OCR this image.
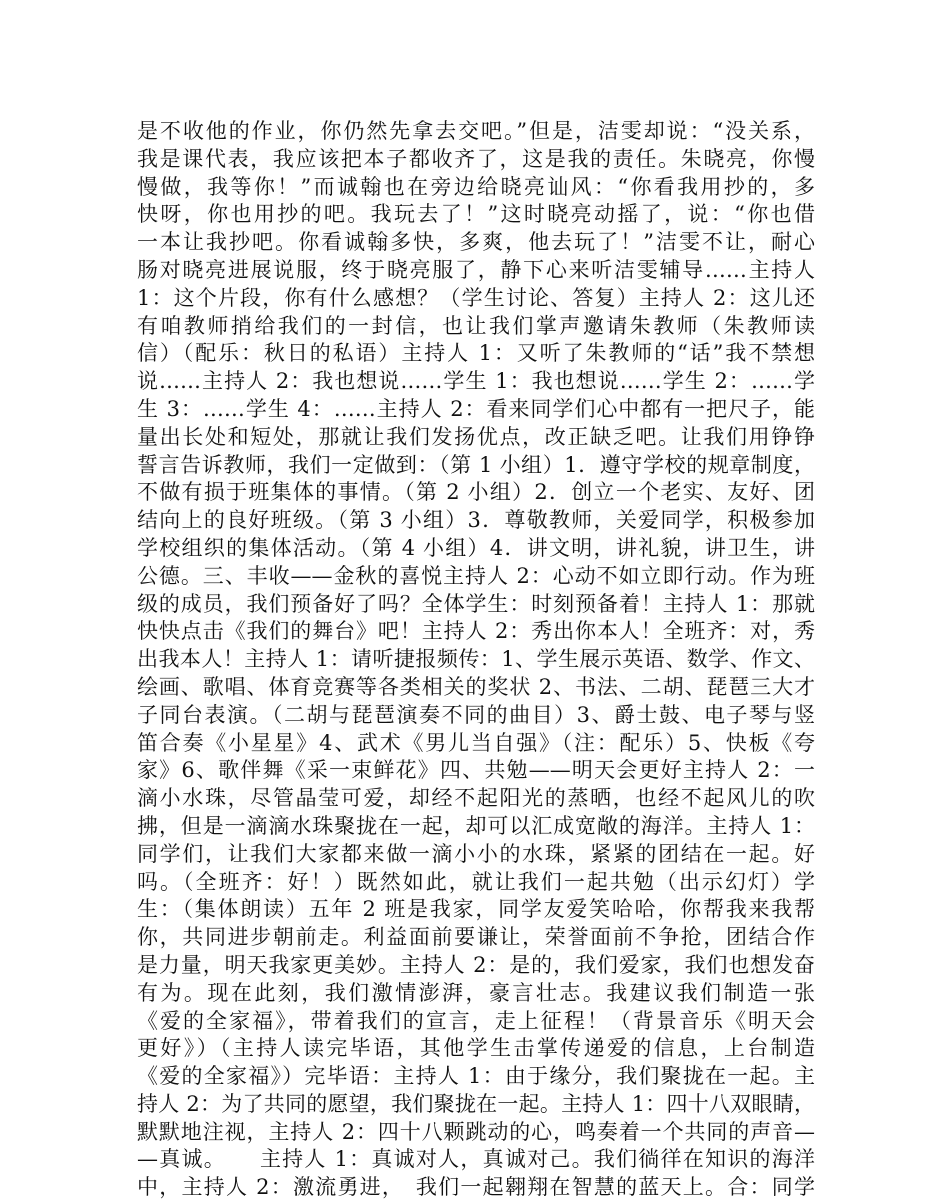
是不收他的作业，你仍然先拿去交吧。”但是，洁雯却说：“没关系，
我是课代表，我应该把本子都收齐了，这是我的责任。朱晓亮，你慢
慢做，我等你！”而诚翰也在旁边给晓亮讪风：“你看我用抄的，多
快呀，你也用抄的吧。我玩去了！”这时晓亮动摇了，说：“你也借
一本让我抄吧。你看诚翰多快，多爽，他去玩了！”洁雯不让，耐心
肠对晓亮进展说服，终于晓亮服了，静下心来听洁雯辅导……主持人
1：这个片段，你有什么感想？（学生讨论、答复）主持人 2：这儿还
有咱教师捎给我们的一封信，也让我们掌声邀请朱教师（朱教师读
信）（配乐：秋日的私语）主持人 1：又听了朱教师的“话”我不禁想
说……主持人 2：我也想说……学生 1：我也想说……学生 2：……学
生 3：……学生 4：……主持人 2：看来同学们心中都有一把尺子，能
量出长处和短处，那就让我们发扬优点，改正缺乏吧。让我们用铮铮
誓言告诉教师，我们一定做到：（第 1 小组）1．遵守学校的规章制度，
不做有损于班集体的事情。（第 2 小组）2．创立一个老实、友好、团
结向上的良好班级。（第 3 小组）3．尊敬教师，关爱同学，积极参加
学校组织的集体活动。（第 4 小组）4．讲文明，讲礼貌，讲卫生，讲
公德。三、丰收——金秋的喜悦主持人 2：心动不如立即行动。作为班
级的成员，我们预备好了吗？全体学生：时刻预备着！主持人 1：那就
快快点击《我们的舞台》吧！主持人 2：秀出你本人！全班齐：对，秀
出我本人！主持人 1：请听捷报频传：1、学生展示英语、数学、作文、
绘画、歌唱、体育竞赛等各类相关的奖状 2、书法、二胡、琵琶三大才
子同台表演。（二胡与琵琶演奏不同的曲目）3、爵士鼓、电子琴与竖
笛合奏《小星星》4、武术《男儿当自强》（注：配乐）5、快板《夸
家》6、歌伴舞《采一束鲜花》四、共勉——明天会更好主持人 2：一
滴小水珠，尽管晶莹可爱，却经不起阳光的蒸晒，也经不起风儿的吹
拂，但是一滴滴水珠聚拢在一起，却可以汇成宽敞的海洋。主持人 1：
同学们，让我们大家都来做一滴小小的水珠，紧紧的团结在一起。好
吗。（全班齐：好！）既然如此，就让我们一起共勉（出示幻灯）学
生：（集体朗读）五年 2 班是我家，同学友爱笑哈哈，你帮我来我帮
你，共同进步朝前走。利益面前要谦让，荣誉面前不争抢，团结合作
是力量，明天我家更美妙。主持人 2：是的，我们爱家，我们也想发奋
有为。现在此刻，我们激情澎湃，豪言壮志。我建议我们制造一张
《爱的全家福》，带着我们的宣言，走上征程！（背景音乐《明天会
更好》）（主持人读完毕语，其他学生击掌传递爱的信息，上台制造
《爱的全家福》）完毕语：主持人 1：由于缘分，我们聚拢在一起。主
持人 2：为了共同的愿望，我们聚拢在一起。主持人 1：四十八双眼睛，
默默地注视，主持人 2：四十八颗跳动的心，鸣奏着一个共同的声音—
—真诚。　　主持人 1：真诚对人，真诚对己。我们徜徉在知识的海洋
中，主持人 2：激流勇进，　我们一起翱翔在智慧的蓝天上。合：同学
